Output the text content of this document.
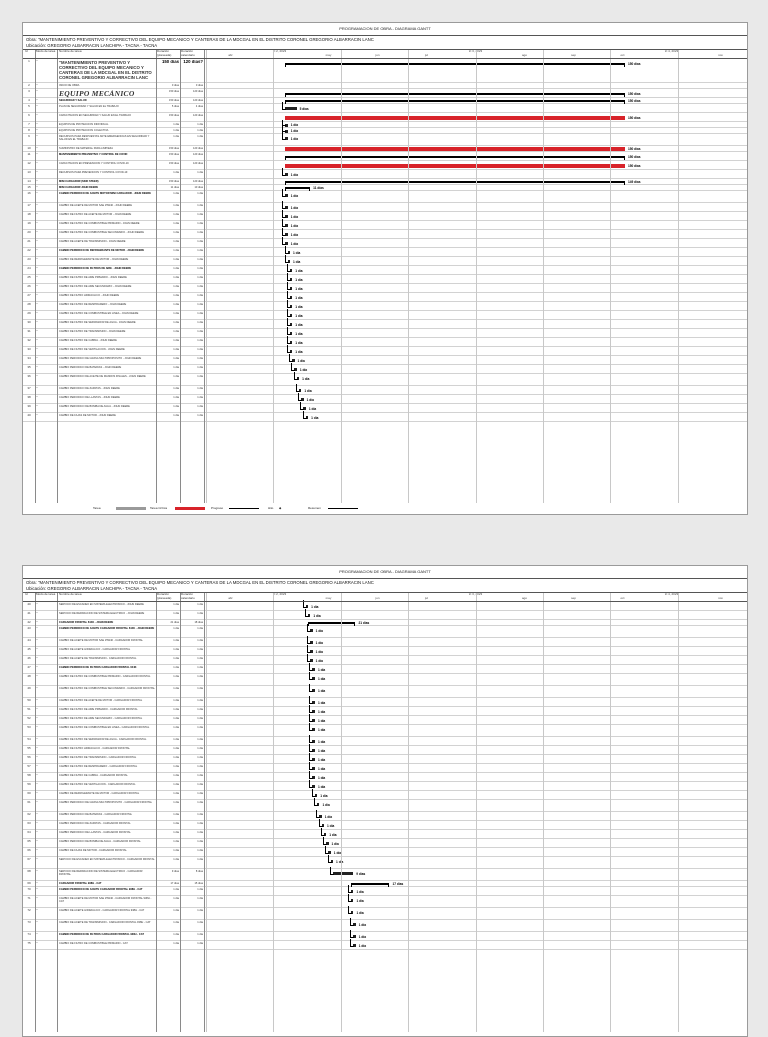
PROGRAMACION DE OBRA - DIAGRAMA GANTT
Obra: "MANTENIMIENTO PREVENTIVO Y CORRECTIVO DEL EQUIPO MECANICO Y CANTERAS DE LA MDCGAL EN EL DISTRITO CORONEL GREGORIO ALBARRACIN LANC
Ubicación: GREGORIO ALBARRACIN LANCHIPA - TACNA - TACNA
Id	Modo de tarea	Nombre de tarea	Duración (planeada)
Duración calendario	abr
tri 2, 2023
may	jun	jul
tri 3, 2023
ago	sep	oct
tri 4, 2023
nov
1	▭	"MANTENIMIENTO PREVENTIVO Y CORRECTIVO DEL EQUIPO MECANICO Y CANTERAS DE LA MDCGAL EN EL DISTRITO CORONEL GREGORIO ALBARRACIN LANC
150 días	120 días?	150 días
2	▭	INICIO DE OBRA	0 días	0 días
3	▭	EQUIPO MECÁNICO	150 días	120 días
150 días
4	▭	SEGURIDAD Y SALUD	150 días	120 días	150 días
5	▭	PLAN DE SEGURIDAD Y SALUD EN EL TRABAJO	5 días	4 días
5 días
6	▭	CAPACITACION EN SEGURIDAD Y SALUD EN EL TRABAJO	150 días	120 días
150 días
7	▭	EQUIPOS DE PROTECCION INDIVIDUAL	1 día	1 día	1 día
8	▭	EQUIPOS DE PROTECCION COLECTIVA	1 día	1 día	1 día
9	▭	RECURSOS PARA RESPUESTAS ANTE EMERGENCIAS EN SEGURIDAD Y SALUD EN EL TRABAJO
1 día	1 día
1 día
10	▭	SUMINISTRO DE MATERIAL PARA LIMPIEZA	150 días	120 días	150 días
11	▭	MANTENIMIENTO PREVENTIVO Y CONTROL DE COVID	150 días	120 días
150 días
12	▭	CAPACITACION EN PREVENCION Y CONTROL COVID-19	150 días	120 días
150 días
13	▭	RECURSOS PARA PREVENCION Y CONTROL COVID-19	1 día	1 día
1 día
14	▭	MINI CARGADOR (SKID STEER)	150 días	120 días	149 días
15	▭	MINI CARGADOR JOHN DEERE	11 días	10 días	11 días
16	▭	CAMBIO PERIODICO DE ACEITE MOTOR MINI CARGADOR - JOHN DEERE	1 día	1 día
1 día
17	▭	CAMBIO DE ACEITE DE MOTOR SAE 15W40 - JOHN DEERE	1 día	1 día
1 día
18	▭	CAMBIO DE FILTRO DE ACEITE DE MOTOR - JOHN DEERE	1 día	1 día
1 día
19	▭	CAMBIO DE FILTRO DE COMBUSTIBLE PRIMARIO - JOHN DEERE	1 día	1 día
1 día
20	▭	CAMBIO DE FILTRO DE COMBUSTIBLE SECUNDARIO - JOHN DEERE	1 día	1 día
1 día
21	▭	CAMBIO DE ACEITE DE TRANSMISION - JOHN DEERE	1 día	1 día
1 día
22	▭	CAMBIO PERIODICO DE REFRIGERANTE DE MOTOR - JOHN DEERE	1 día	1 día
1 día
23	▭	CAMBIO DE REFRIGERANTE DE MOTOR - JOHN DEERE	1 día	1 día
1 día
24	▭	CAMBIO PERIODICO DE FILTROS DE AIRE - JOHN DEERE	1 día	1 día
1 día
25	▭	CAMBIO DE FILTRO DE AIRE PRIMARIO - JOHN DEERE	1 día	1 día
1 día
26	▭	CAMBIO DE FILTRO DE AIRE SECUNDARIO - JOHN DEERE	1 día	1 día
1 día
27	▭	CAMBIO DE FILTRO HIDRAULICO - JOHN DEERE	1 día	1 día
1 día
28	▭	CAMBIO DE FILTRO DE RESPIRADERO - JOHN DEERE	1 día	1 día
1 día
29	▭	CAMBIO DE FILTRO DE COMBUSTIBLE EN LINEA - JOHN DEERE	1 día	1 día
1 día
30	▭	CAMBIO DE FILTRO DE SEPARADOR DE AGUA - JOHN DEERE	1 día	1 día
1 día
31	▭	CAMBIO DE FILTRO DE TRANSMISION - JOHN DEERE	1 día	1 día
1 día
32	▭	CAMBIO DE FILTRO DE CABINA - JOHN DEERE	1 día	1 día
1 día
33	▭	CAMBIO DE FILTRO DE VENTILACION - JOHN DEERE	1 día	1 día
1 día
34	▭	CAMBIO PERIODICO DE GRASA MULTIPROPOSITO - JOHN DEERE	1 día	1 día
1 día
35	▭	CAMBIO PERIODICO DE BATERIAS - JOHN DEERE	1 día	1 día
1 día
36	▭	CAMBIO PERIODICO DE ACEITE DE MANDOS FINALES - JOHN DEERE	1 día	1 día
1 día
37	▭	CAMBIO PERIODICO DE ZAPATAS - JOHN DEERE	1 día	1 día
1 día
38	▭	CAMBIO PERIODICO DE LLANTAS - JOHN DEERE	1 día	1 día
1 día
39	▭	CAMBIO PERIODICO DE BOMBA DE AGUA - JOHN DEERE	1 día	1 día
1 día
40	▭	CAMBIO DE FAJAS DE MOTOR - JOHN DEERE	1 día	1 día
1 día
Tarea	Tarea Crítica	Progreso	Hito ◆	Resumen
PROGRAMACION DE OBRA - DIAGRAMA GANTT
Obra: "MANTENIMIENTO PREVENTIVO Y CORRECTIVO DEL EQUIPO MECANICO Y CANTERAS DE LA MDCGAL EN EL DISTRITO CORONEL GREGORIO ALBARRACIN LANC
Ubicación: GREGORIO ALBARRACIN LANCHIPA - TACNA - TACNA
Id	Modo de tarea	Nombre de tarea	Duración (planeada)
Duración calendario	abr
tri 2, 2023
may	jun	jul
tri 3, 2023
ago	sep	oct
tri 4, 2023
nov
40	▭	SERVICIO DE ESCANEO EN SISTEMA ELECTRONICO - JOHN DEERE	1 día	1 día
1 día
41	▭	SERVICIO DE REPARACION DE SISTEMA ELECTRICO - JOHN DEERE	1 día	1 día
1 día
42	▭	CARGADOR FRONTAL 644K - JOHN DEERE	21 días	18 días	21 días
43	▭	CAMBIO PERIODICO DE ACEITE CARGADOR FRONTAL 644K - JOHN DEERE	1 día	1 día
1 día
44	▭	CAMBIO DE ACEITE DE MOTOR SAE 15W40 - CARGADOR FRONTAL	1 día	1 día
1 día
45	▭	CAMBIO DE ACEITE HIDRAULICO - CARGADOR FRONTAL	1 día	1 día
1 día
46	▭	CAMBIO DE ACEITE DE TRANSMISION - CARGADOR FRONTAL	1 día	1 día
1 día
47	▭	CAMBIO PERIODICO DE FILTROS CARGADOR FRONTAL 644K	1 día	1 día
1 día
48	▭	CAMBIO DE FILTRO DE COMBUSTIBLE PRIMARIO - CARGADOR FRONTAL	1 día	1 día
1 día
49	▭	CAMBIO DE FILTRO DE COMBUSTIBLE SECUNDARIO - CARGADOR FRONTAL	1 día	1 día
1 día
50	▭	CAMBIO DE FILTRO DE ACEITE DE MOTOR - CARGADOR FRONTAL	1 día	1 día
1 día
51	▭	CAMBIO DE FILTRO DE AIRE PRIMARIO - CARGADOR FRONTAL	1 día	1 día
1 día
52	▭	CAMBIO DE FILTRO DE AIRE SECUNDARIO - CARGADOR FRONTAL	1 día	1 día
1 día
53	▭	CAMBIO DE FILTRO DE COMBUSTIBLE EN LINEA - CARGADOR FRONTAL	1 día	1 día
1 día
54	▭	CAMBIO DE FILTRO DE SEPARADOR DE AGUA - CARGADOR FRONTAL	1 día	1 día
1 día
55	▭	CAMBIO DE FILTRO HIDRAULICO - CARGADOR FRONTAL	1 día	1 día
1 día
56	▭	CAMBIO DE FILTRO DE TRANSMISION - CARGADOR FRONTAL	1 día	1 día
1 día
57	▭	CAMBIO DE FILTRO DE RESPIRADERO - CARGADOR FRONTAL	1 día	1 día
1 día
58	▭	CAMBIO DE FILTRO DE CABINA - CARGADOR FRONTAL	1 día	1 día
1 día
59	▭	CAMBIO DE FILTRO DE VENTILACION - CARGADOR FRONTAL	1 día	1 día
1 día
60	▭	CAMBIO DE REFRIGERANTE DE MOTOR - CARGADOR FRONTAL	1 día	1 día
1 día
61	▭	CAMBIO PERIODICO DE GRASA MULTIPROPOSITO - CARGADOR FRONTAL	1 día	1 día
1 día
62	▭	CAMBIO PERIODICO DE BATERIAS - CARGADOR FRONTAL	1 día	1 día
1 día
63	▭	CAMBIO PERIODICO DE ZAPATAS - CARGADOR FRONTAL	1 día	1 día
1 día
64	▭	CAMBIO PERIODICO DE LLANTAS - CARGADOR FRONTAL	1 día	1 día
1 día
65	▭	CAMBIO PERIODICO DE BOMBA DE AGUA - CARGADOR FRONTAL	1 día	1 día
1 día
66	▭	CAMBIO DE FAJAS DE MOTOR - CARGADOR FRONTAL	1 día	1 día
1 día
67	▭	SERVICIO DE ESCANEO EN SISTEMA ELECTRONICO - CARGADOR FRONTAL	1 día	1 día
1 día
68	▭	SERVICIO DE REPARACION DE SISTEMA ELECTRICO - CARGADOR FRONTAL
9 días	8 días
9 días
69	▭	CARGADOR FRONTAL 938H - CAT	17 días	15 días	17 días
70	▭	CAMBIO PERIODICO DE ACEITE CARGADOR FRONTAL 938H - CAT	1 día	1 día
1 día
71	▭	CAMBIO DE ACEITE DE MOTOR SAE 15W40 - CARGADOR FRONTAL 938H - CAT
1 día	1 día
1 día
72	▭	CAMBIO DE ACEITE HIDRAULICO - CARGADOR FRONTAL 938H - CAT	1 día	1 día
1 día
73	▭	CAMBIO DE ACEITE DE TRANSMISION - CARGADOR FRONTAL 938H - CAT	1 día	1 día
1 día
74	▭	CAMBIO PERIODICO DE FILTROS CARGADOR FRONTAL 938H - CAT	1 día	1 día
1 día
75	▭	CAMBIO DE FILTRO DE COMBUSTIBLE PRIMARIO - CAT	1 día	1 día
1 día
